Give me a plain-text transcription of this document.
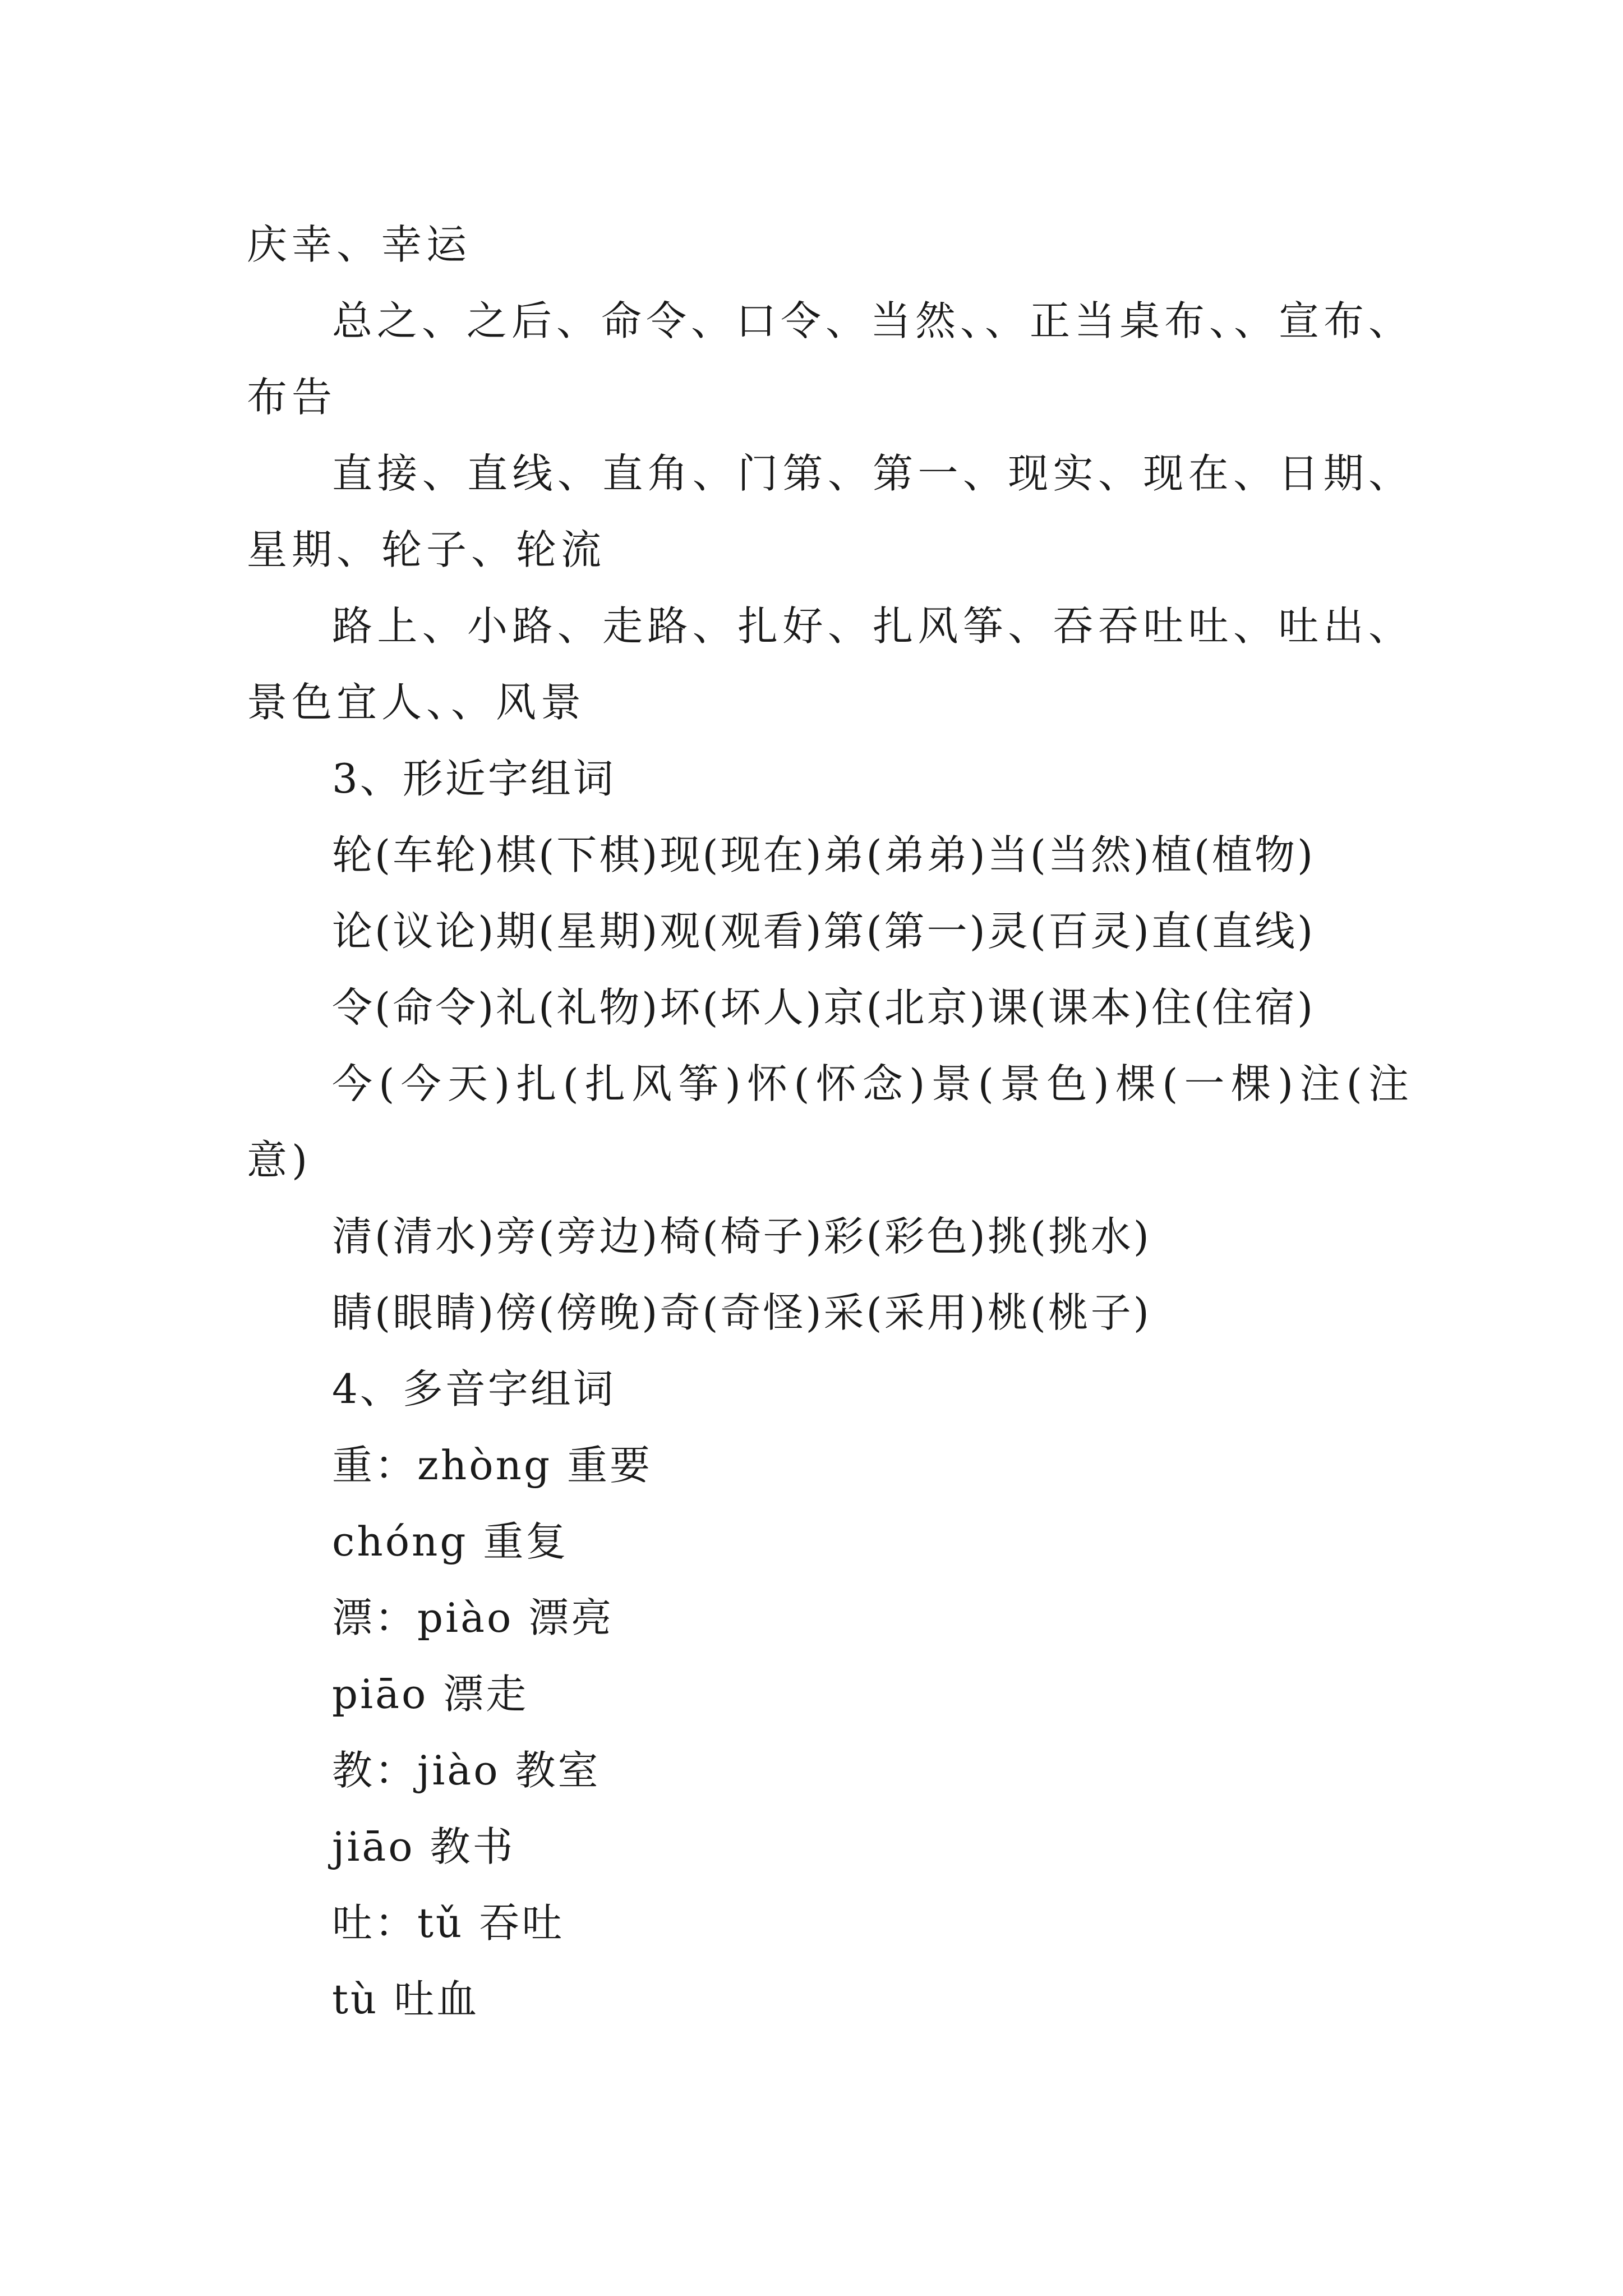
庆幸、幸运

总之、之后、命令、口令、当然、、正当桌布、、宣布、布告

直接、直线、直角、门第、第一、现实、现在、日期、星期、轮子、轮流

路上、小路、走路、扎好、扎风筝、吞吞吐吐、吐出、景色宜人、、风景

3、形近字组词

轮(车轮)棋(下棋)现(现在)弟(弟弟)当(当然)植(植物)

论(议论)期(星期)观(观看)第(第一)灵(百灵)直(直线)

令(命令)礼(礼物)坏(坏人)京(北京)课(课本)住(住宿)

今(今天)扎(扎风筝)怀(怀念)景(景色)棵(一棵)注(注意)

清(清水)旁(旁边)椅(椅子)彩(彩色)挑(挑水)

睛(眼睛)傍(傍晚)奇(奇怪)采(采用)桃(桃子)

4、多音字组词

重：zhòng 重要

chóng 重复

漂：piào 漂亮

piāo 漂走

教：jiào 教室

jiāo 教书

吐：tǔ 吞吐

tù 吐血
